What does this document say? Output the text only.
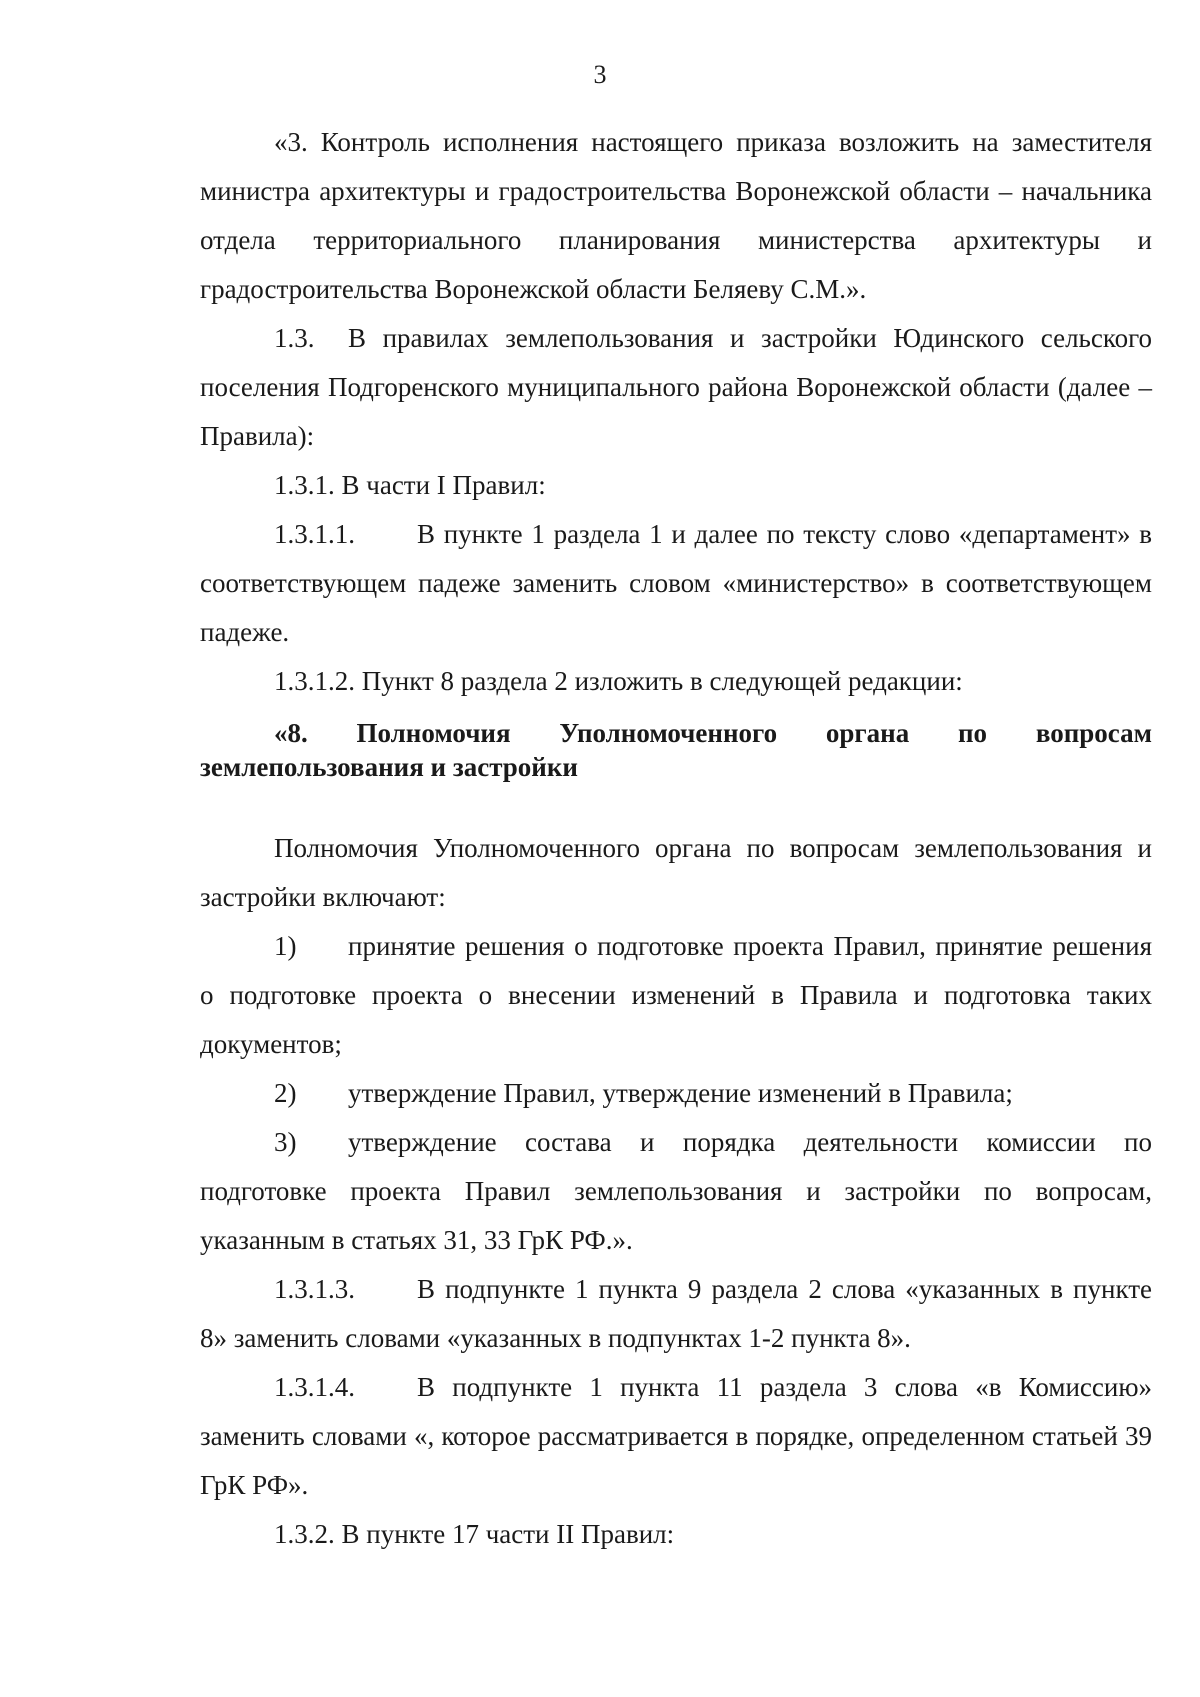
3

«3. Контроль исполнения настоящего приказа возложить на заместителя министра архитектуры и градостроительства Воронежской области – начальника отдела территориального планирования министерства архитектуры и градостроительства Воронежской области Беляеву С.М.».

1.3. В правилах землепользования и застройки Юдинского сельского поселения Подгоренского муниципального района Воронежской области (далее – Правила):

1.3.1. В части I Правил:

1.3.1.1. В пункте 1 раздела 1 и далее по тексту слово «департамент» в соответствующем падеже заменить словом «министерство» в соответствующем падеже.

1.3.1.2. Пункт 8 раздела 2 изложить в следующей редакции:

«8. Полномочия Уполномоченного органа по вопросам
землепользования и застройки

Полномочия Уполномоченного органа по вопросам землепользования и застройки включают:

1) принятие решения о подготовке проекта Правил, принятие решения о подготовке проекта о внесении изменений в Правила и подготовка таких документов;

2) утверждение Правил, утверждение изменений в Правила;

3) утверждение состава и порядка деятельности комиссии по подготовке проекта Правил землепользования и застройки по вопросам, указанным в статьях 31, 33 ГрК РФ.».

1.3.1.3. В подпункте 1 пункта 9 раздела 2 слова «указанных в пункте 8» заменить словами «указанных в подпунктах 1-2 пункта 8».

1.3.1.4. В подпункте 1 пункта 11 раздела 3 слова «в Комиссию» заменить словами «, которое рассматривается в порядке, определенном статьей 39 ГрК РФ».

1.3.2. В пункте 17 части II Правил:
